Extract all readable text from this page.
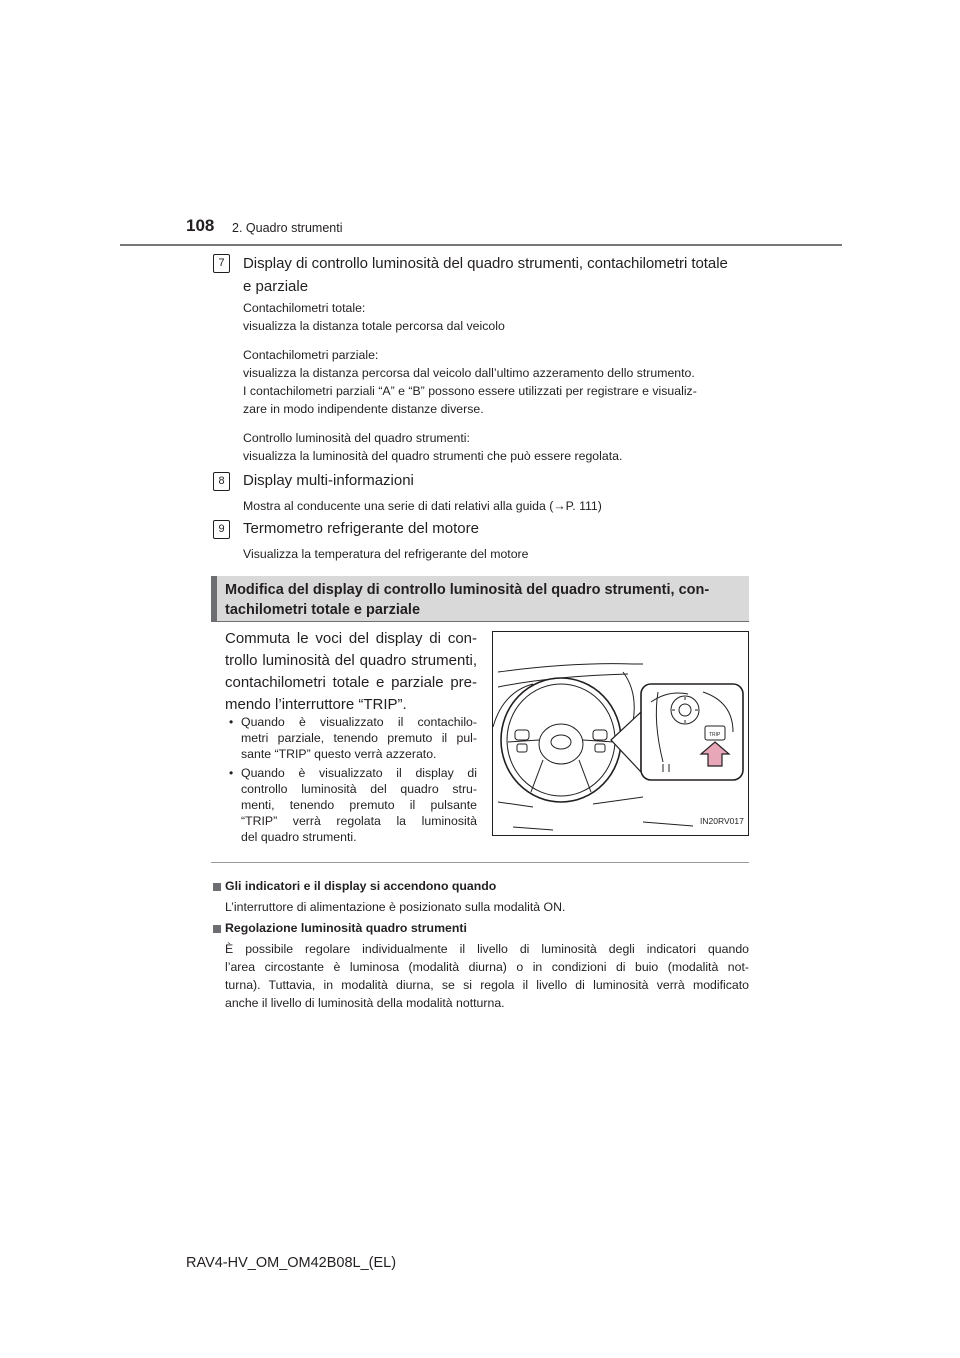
108 2. Quadro strumenti
7	Display di controllo luminosità del quadro strumenti, contachilometri totale
e parziale
Contachilometri totale:
visualizza la distanza totale percorsa dal veicolo
Contachilometri parziale:
visualizza la distanza percorsa dal veicolo dall’ultimo azzeramento dello strumento.
I contachilometri parziali “A” e “B” possono essere utilizzati per registrare e visualiz-
zare in modo indipendente distanze diverse.
Controllo luminosità del quadro strumenti:
visualizza la luminosità del quadro strumenti che può essere regolata.
8	Display multi-informazioni
Mostra al conducente una serie di dati relativi alla guida (→P. 111)
9	Termometro refrigerante del motore
Visualizza la temperatura del refrigerante del motore
Modifica del display di controllo luminosità del quadro strumenti, con-
tachilometri totale e parziale
Commuta le voci del display di con-
trollo luminosità del quadro strumenti,
contachilometri totale e parziale pre-
mendo l’interruttore “TRIP”.
• Quando è visualizzato il contachilo-
metri parziale, tenendo premuto il pul-
sante “TRIP” questo verrà azzerato.
• Quando è visualizzato il display di
controllo luminosità del quadro stru-
menti, tenendo premuto il pulsante
“TRIP” verrà regolata la luminosità
del quadro strumenti.
TRIP
IN20RV017
Gli indicatori e il display si accendono quando
L’interruttore di alimentazione è posizionato sulla modalità ON.
Regolazione luminosità quadro strumenti
È possibile regolare individualmente il livello di luminosità degli indicatori quando
l’area circostante è luminosa (modalità diurna) o in condizioni di buio (modalità not-
turna). Tuttavia, in modalità diurna, se si regola il livello di luminosità verrà modificato
anche il livello di luminosità della modalità notturna.
RAV4-HV_OM_OM42B08L_(EL)
